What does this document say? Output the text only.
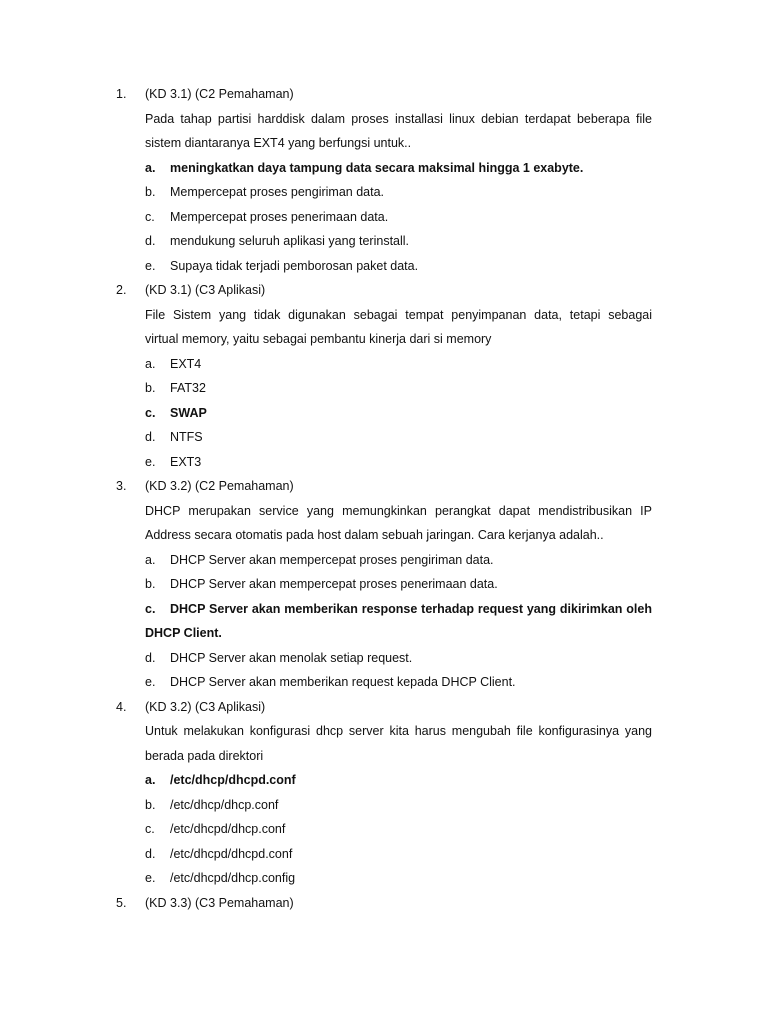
1.	(KD 3.1) (C2 Pemahaman)
Pada tahap partisi harddisk dalam proses installasi linux debian terdapat beberapa file
sistem diantaranya EXT4 yang berfungsi untuk..
a.	meningkatkan daya tampung data secara maksimal hingga 1 exabyte.
b.	Mempercepat proses pengiriman data.
c.	Mempercepat proses penerimaan data.
d.	mendukung seluruh aplikasi yang terinstall.
e.	Supaya tidak terjadi pemborosan paket data.
2.	(KD 3.1) (C3 Aplikasi)
File Sistem yang tidak digunakan sebagai tempat penyimpanan data, tetapi sebagai
virtual memory, yaitu sebagai pembantu kinerja dari si memory
a.	EXT4
b.	FAT32
c.	SWAP
d.	NTFS
e.	EXT3
3.	(KD 3.2) (C2 Pemahaman)
DHCP merupakan service yang memungkinkan perangkat dapat mendistribusikan IP
Address secara otomatis pada host dalam sebuah jaringan. Cara kerjanya adalah..
a.	DHCP Server akan mempercepat proses pengiriman data.
b.	DHCP Server akan mempercepat proses penerimaan data.
c.	DHCP Server akan memberikan response terhadap request yang dikirimkan oleh
DHCP Client.
d.	DHCP Server akan menolak setiap request.
e.	DHCP Server akan memberikan request kepada DHCP Client.
4.	(KD 3.2) (C3 Aplikasi)
Untuk melakukan konfigurasi dhcp server kita harus mengubah file konfigurasinya yang
berada pada direktori
a.	/etc/dhcp/dhcpd.conf
b.	/etc/dhcp/dhcp.conf
c.	/etc/dhcpd/dhcp.conf
d.	/etc/dhcpd/dhcpd.conf
e.	/etc/dhcpd/dhcp.config
5.	(KD 3.3) (C3 Pemahaman)
